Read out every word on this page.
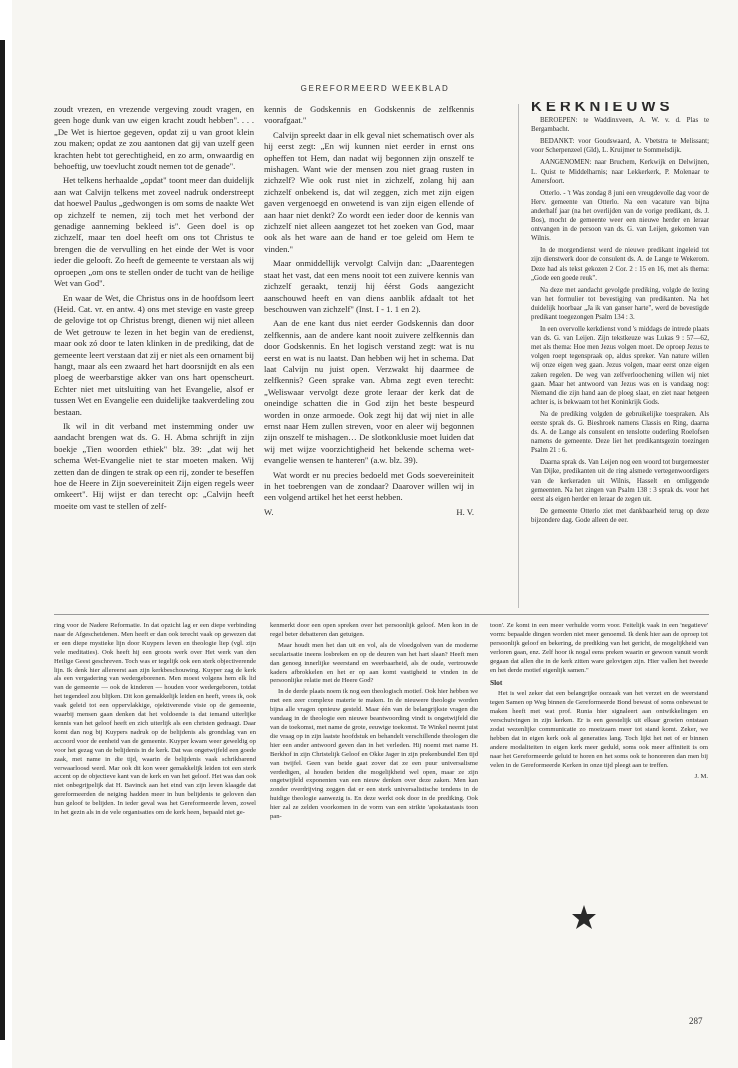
GEREFORMEERD WEEKBLAD

zoudt vrezen, en vrezende vergeving zoudt vragen, en geen hoge dunk van uw eigen kracht zoudt hebben". . . . „De Wet is hiertoe gegeven, opdat zij u van groot klein zou maken; opdat ze zou aantonen dat gij van uzelf geen krachten hebt tot gerechtigheid, en zo arm, onwaardig en behoeftig, uw toevlucht zoudt nemen tot de genade".

Het telkens herhaalde „opdat" toont meer dan duidelijk aan wat Calvijn telkens met zoveel nadruk onderstreept dat hoewel Paulus „gedwongen is om soms de naakte Wet op zichzelf te nemen, zij toch met het verbond der genadige aanneming bekleed is". Geen doel is op zichzelf, maar ten doel heeft om ons tot Christus te brengen die de vervulling en het einde der Wet is voor ieder die gelooft. Zo heeft de gemeente te verstaan als wij oproepen „om ons te stellen onder de tucht van de heilige Wet van God".

En waar de Wet, die Christus ons in de hoofdsom leert (Heid. Cat. vr. en antw. 4) ons met stevige en vaste greep de gelovige tot op Christus brengt, dienen wij niet alleen de Wet getrouw te lezen in het begin van de eredienst, maar ook zó door te laten klinken in de prediking, dat de gemeente leert verstaan dat zij er niet als een ornament bij hangt, maar als een zwaard het hart doorsnijdt en als een ploeg de weerbarstige akker van ons hart openscheurt. Echter niet met uitsluiting van het Evangelie, alsof er tussen Wet en Evangelie een duidelijke taakverdeling zou bestaan.

Ik wil in dit verband met instemming onder uw aandacht brengen wat ds. G. H. Abma schrijft in zijn boekje „Tien woorden ethiek" blz. 39: „dat wij het schema Wet-Evangelie niet te star moeten maken. Wij zetten dan de dingen te strak op een rij, zonder te beseffen hoe de Heere in Zijn soevereiniteit Zijn eigen regels weer omkeert". Hij wijst er dan terecht op: „Calvijn heeft moeite om vast te stellen of zelf-

kennis de Godskennis en Godskennis de zelfkennis voorafgaat."

Calvijn spreekt daar in elk geval niet schematisch over als hij eerst zegt: „En wij kunnen niet eerder in ernst ons opheffen tot Hem, dan nadat wij begonnen zijn onszelf te mishagen. Want wie der mensen zou niet graag rusten in zichzelf? Wie ook rust niet in zichzelf, zolang hij aan zichzelf onbekend is, dat wil zeggen, zich met zijn eigen gaven vergenoegd en onwetend is van zijn eigen ellende of aan haar niet denkt? Zo wordt een ieder door de kennis van zichzelf niet alleen aangezet tot het zoeken van God, maar ook als het ware aan de hand er toe geleid om Hem te vinden."

Maar onmiddellijk vervolgt Calvijn dan: „Daarentegen staat het vast, dat een mens nooit tot een zuivere kennis van zichzelf geraakt, tenzij hij éérst Gods aangezicht aanschouwd heeft en van diens aanblik afdaalt tot het beschouwen van zichzelf" (Inst. I - 1. 1 en 2).

Aan de ene kant dus niet eerder Godskennis dan door zelfkennis, aan de andere kant nooit zuivere zelfkennis dan door Godskennis. En het logisch verstand zegt: wat is nu eerst en wat is nu laatst. Dan hebben wij het in schema. Dat laat Calvijn nu juist open. Verzwakt hij daarmee de zelfkennis? Geen sprake van. Abma zegt even terecht: „Weliswaar vervolgt deze grote leraar der kerk dat de oneindige schatten die in God zijn het beste bespeurd worden in onze armoede. Ook zegt hij dat wij niet in alle ernst naar Hem zullen streven, voor en aleer wij begonnen zijn onszelf te mishagen… De slotkonklusie moet luiden dat wij met wijze voorzichtigheid het bekende schema wet-evangelie wensen te hanteren" (a.w. blz. 39).

Wat wordt er nu precies bedoeld met Gods soevereiniteit in het toebrengen van de zondaar? Daarover willen wij in een volgend artikel het het eerst hebben.

W.	H. V.
KERKNIEUWS

BEROEPEN: te Waddinxveen, A. W. v. d. Plas te Bergambacht.

BEDANKT: voor Goudswaard, A. Vbetstra te Melissant; voor Scherpenzeel (Gld), L. Kruijmer te Sommelsdijk.

AANGENOMEN: naar Bruchem, Kerkwijk en Delwijnen, L. Quist te Middelharnis; naar Lekkerkerk, P. Molenaar te Amersfoort.

Otterlo. - 't Was zondag 8 juni een vreugdevolle dag voor de Herv. gemeente van Otterlo. Na een vacature van bijna anderhalf jaar (na het overlijden van de vorige predikant, ds. J. Bos), mocht de gemeente weer een nieuwe herder en leraar ontvangen in de persoon van ds. G. van Leijen, gekomen van Wilnis.

In de morgendienst werd de nieuwe predikant ingeleid tot zijn dienstwerk door de consulent ds. A. de Lange te Wekerom. Deze had als tekst gekozen 2 Cor. 2 : 15 en 16, met als thema: „Gode een goede reuk".

Na deze met aandacht gevolgde prediking, volgde de lezing van het formulier tot bevestiging van predikanten. Na het duidelijk hoorbaar „Ja ik van ganser harte", werd de bevestigde predikant toegezongen Psalm 134 : 3.

In een overvolle kerkdienst vond 's middags de intrede plaats van ds. G. van Leijen. Zijn tekstkeuze was Lukas 9 : 57—62, met als thema: Hoe men Jezus volgen moet. De oproep Jezus te volgen roept tegenspraak op, aldus spreker. Van nature willen wij onze eigen weg gaan. Jezus volgen, maar eerst onze eigen zaken regelen. De weg van zelfverloochening willen wij niet gaan. Maar het antwoord van Jezus was en is vandaag nog: Niemand die zijn hand aan de ploeg slaat, en ziet naar hetgeen achter is, is bekwaam tot het Koninkrijk Gods.

Na de prediking volgden de gebruikelijke toespraken. Als eerste sprak ds. G. Bieshroek namens Classis en Ring, daarna ds. A. de Lange als consulent en tenslotte ouderling Roelofsen namens de gemeente. Deze liet het predikantsgezin toezingen Psalm 21 : 6.

Daarna sprak ds. Van Leijen nog een woord tot burgemeester Van Dijke, predikanten uit de ring alsmede vertegenwoordigers van de kerkeraden uit Wilnis, Hasselt en omliggende gemeenten. Na het zingen van Psalm 138 : 3 sprak ds. voor het eerst als eigen herder en leraar de zegen uit.

De gemeente Otterlo ziet met dankbaarheid terug op deze bijzondere dag. Gode alleen de eer.

ring voor de Nadere Reformatie. In dat opzicht lag er een diepe verbinding naar de Afgescheidenen. Men heeft er dan ook terecht vaak op gewezen dat er een diepe mystieke lijn door Kuypers leven en theologie liep (vgl. zijn vele meditaties). Ook heeft hij een groots werk over Het werk van den Heilige Geest geschreven. Toch was er tegelijk ook een sterk objectiverende lijn. Ik denk hier allereerst aan zijn kerkbeschouwing. Kuyper zag de kerk als een vergadering van wedergeborenen. Men moest volgens hem elk lid van de gemeente — ook de kinderen — houden voor wedergeboren, totdat het tegendeel zou blijken. Dit kon gemakkelijk leiden en heeft, vrees ik, ook vaak geleid tot een oppervlakkige, ojektiverende visie op de gemeente, waarbij mensen gaan denken dat het voldoende is dat iemand uiterlijke kennis van het geloof heeft en zich uiterlijk als een christen gedraagt. Daar komt dan nog bij Kuypers nadruk op de belijdenis als grondslag van en accoord voor de eenheid van de gemeente. Kuyper kwam weer geweldig op voor het gezag van de belijdenis in de kerk. Dat was ongetwijfeld een goede zaak, met name in die tijd, waarin de belijdenis vaak schrikbarend verwaarloosd werd. Mar ook dit kon weer gemakkelijk leiden tot een sterk accent op de objectieve kant van de kerk en van het geloof. Het was dan ook niet onbegrijpelijk dat H. Bavinck aan het eind van zijn leven klaagde dat gereformeerden de neiging hadden meer in hun belijdenis te geloven dan hun geloof te belijden. In ieder geval was het Gereformeerde leven, zowel in het gezin als in de vele organisaties om de kerk heen, bepaald niet ge-

kenmerkt door een open spreken over het persoonlijk geloof. Men kon in de regel beter debatteren dan getuigen.

Maar houdt men het dan uit en vol, als de vloedgolven van de moderne secularisatie ineens losbreken en op de deuren van het hart slaan? Heeft men dan genoeg innerlijke weerstand en weerbaarheid, als de oude, vertrouwde kaders afbrokkelen en het er op aan komt vastigheid te vinden in de persoonlijke relatie met de Heere God?

In de derde plaats noem ik nog een theologisch motief. Ook hier hebben we met een zeer complexe materie te maken. In de nieuwere theologie worden bijna alle vragen opnieuw gesteld. Maar één van de belangrijkste vragen die vandaag in de theologie een nieuwe beantwoording vindt is ongetwijfeld die van de toekomst, met name de grote, eeuwige toekomst. Te Winkel neemt juist die vraag op in zijn laatste hoofdstuk en behandelt verschillende theologen die hier een ander antwoord geven dan in het verleden. Hij noemt met name H. Berkhof in zijn Christelijk Geloof en Okke Jager in zijn prekenbundel Een tijd van twijfel. Geen van beide gaat zover dat ze een puur universalisme verdedigen, al houden beiden die mogelijkheid wel open, maar ze zijn ongetwijfeld exponenten van een nieuw denken over deze zaken. Men kan zonder overdrijving zeggen dat er een sterk universalistische tendens in de huidige theologie aanwezig is. En deze werkt ook door in de prediking. Ook hier zal ze zelden voorkomen in de vorm van een strikte 'apokatastasis toon pan-

toon'. Ze komt in een meer verhulde vorm voor. Feitelijk vaak in een 'negatieve' vorm: bepaalde dingen worden niet meer genoemd. Ik denk hier aan de oproep tot persoonlijk geloof en bekering, de prediking van het gericht, de mogelijkheid van verloren gaan, enz. Zelf hoor ik nogal eens preken waarin er gewoon vanuit wordt gegaan dat allen die in de kerk zitten ware gelovigen zijn. Hier vallen het tweede en het derde motief eigenlijk samen."

Slot

Het is wel zeker dat een belangrijke oorzaak van het verzet en de weerstand tegen Samen op Weg binnen de Gereformeerde Bond bewust of soms onbewust te maken heeft met wat prof. Runia hier signaleert aan ontwikkelingen en verschuivingen in zijn kerken. Er is een geestelijk uit elkaar groeien ontstaan zodat wezenlijke communicatie zo moeizaam meer tot stand komt. Zeker, we hebben dat in eigen kerk ook al generaties lang. Toch lijkt het net of er binnen andere modaliteiten in eigen kerk meer geduld, soms ook meer affiniteit is om naar het Gereformeerde geluid te horen en het soms ook te honoreren dan men bij velen in de Gereformeerde Kerken in onze tijd pleegt aan te treffen.

J. M.
287
